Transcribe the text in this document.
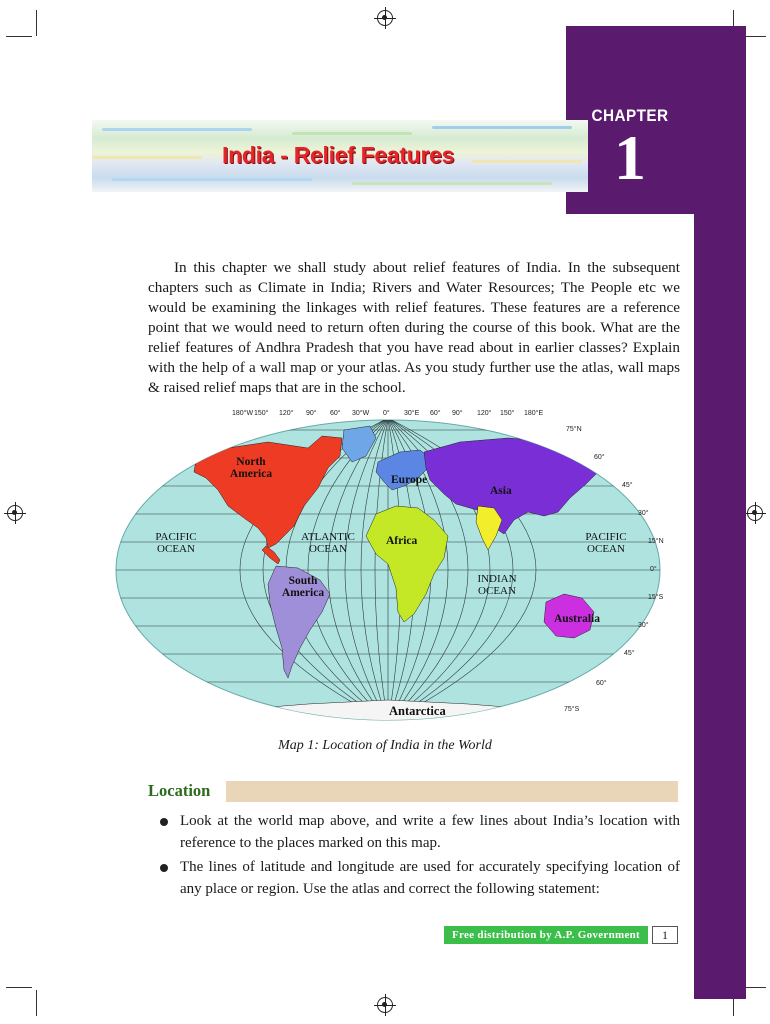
CHAPTER
1
India - Relief Features

In this chapter we shall study about relief features of India. In the subsequent chapters such as Climate in India; Rivers and Water Resources; The People etc we would be examining the linkages with relief features. These features are a reference point that we would need to return often during the course of this book. What are the relief features of Andhra Pradesh that you have read about in earlier classes? Explain with the help of a wall map or your atlas. As you study further use the atlas, wall maps & raised relief maps that are in the school.

180°W 150° 120° 90° 60° 30°W 0° 30°E 60° 90° 120° 150° 180°E
75°N
60°
45°
30°
15°N
0°
15°S
30°
45°
60°
75°S
North America	Europe
Asia
Africa
South America
Australia
Antarctica
PACIFIC OCEAN
ATLANTIC OCEAN
INDIAN OCEAN
PACIFIC OCEAN
Map 1: Location of India in the World
Location
Look at the world map above, and write a few lines about India’s location with reference to the places marked on this map.
The lines of latitude and longitude are used for accurately specifying location of any place or region. Use the atlas and correct the following statement:
Free distribution by A.P. Government	1
